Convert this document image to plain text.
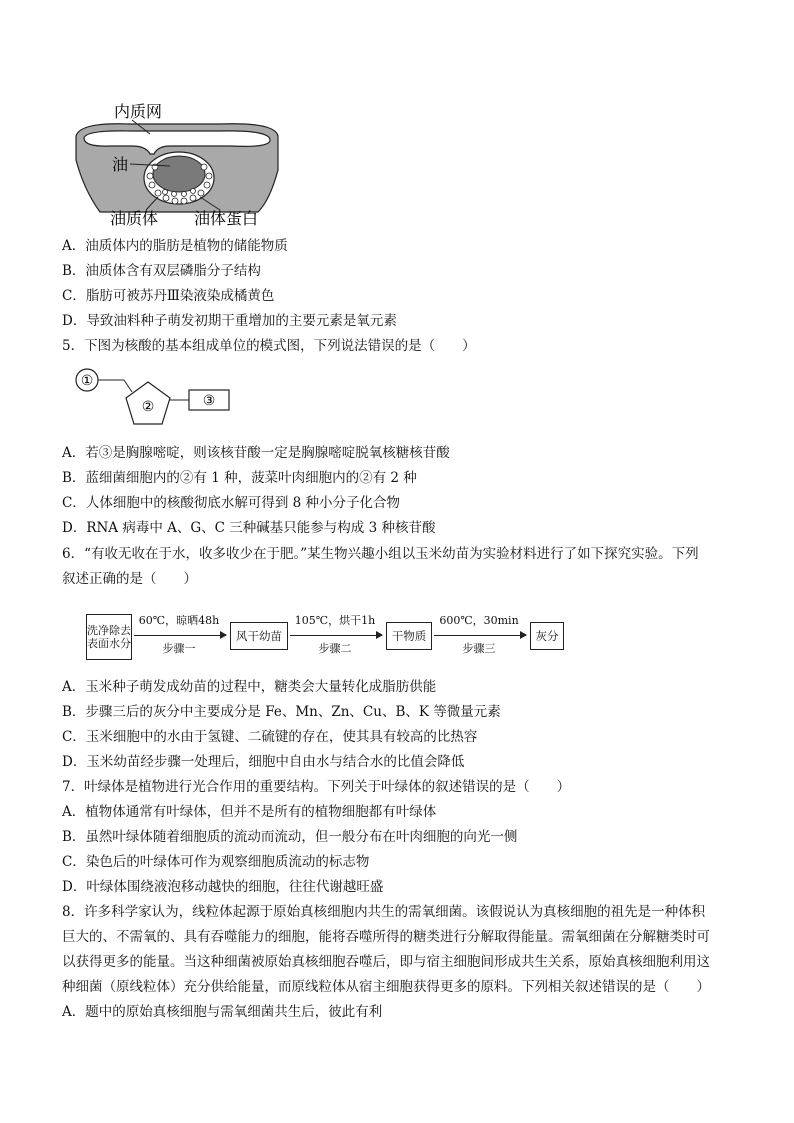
内质网
油
油质体 油体蛋白
A．油质体内的脂肪是植物的储能物质
B．油质体含有双层磷脂分子结构
C．脂肪可被苏丹Ⅲ染液染成橘黄色
D．导致油料种子萌发初期干重增加的主要元素是氧元素
5．下图为核酸的基本组成单位的模式图，下列说法错误的是（　　）
①
②	③
A．若③是胸腺嘧啶，则该核苷酸一定是胸腺嘧啶脱氧核糖核苷酸
B．蓝细菌细胞内的②有 1 种，菠菜叶肉细胞内的②有 2 种
C．人体细胞中的核酸彻底水解可得到 8 种小分子化合物
D．RNA 病毒中 A、G、C 三种碱基只能参与构成 3 种核苷酸
6．“有收无收在于水，收多收少在于肥。”某生物兴趣小组以玉米幼苗为实验材料进行了如下探究实验。下列
叙述正确的是（　　）
洗净除去表面水分
60℃，晾晒48h
步骤一
风干幼苗
105℃，烘干1h
步骤二
干物质
600℃，30min
步骤三
灰分
A．玉米种子萌发成幼苗的过程中，糖类会大量转化成脂肪供能
B．步骤三后的灰分中主要成分是 Fe、Mn、Zn、Cu、B、K 等微量元素
C．玉米细胞中的水由于氢键、二硫键的存在，使其具有较高的比热容
D．玉米幼苗经步骤一处理后，细胞中自由水与结合水的比值会降低
7．叶绿体是植物进行光合作用的重要结构。下列关于叶绿体的叙述错误的是（　　）
A．植物体通常有叶绿体，但并不是所有的植物细胞都有叶绿体
B．虽然叶绿体随着细胞质的流动而流动，但一般分布在叶肉细胞的向光一侧
C．染色后的叶绿体可作为观察细胞质流动的标志物
D．叶绿体围绕液泡移动越快的细胞，往往代谢越旺盛
8．许多科学家认为，线粒体起源于原始真核细胞内共生的需氧细菌。该假说认为真核细胞的祖先是一种体积
巨大的、不需氧的、具有吞噬能力的细胞，能将吞噬所得的糖类进行分解取得能量。需氧细菌在分解糖类时可
以获得更多的能量。当这种细菌被原始真核细胞吞噬后，即与宿主细胞间形成共生关系，原始真核细胞利用这
种细菌（原线粒体）充分供给能量，而原线粒体从宿主细胞获得更多的原料。下列相关叙述错误的是（　　）
A．题中的原始真核细胞与需氧细菌共生后，彼此有利
